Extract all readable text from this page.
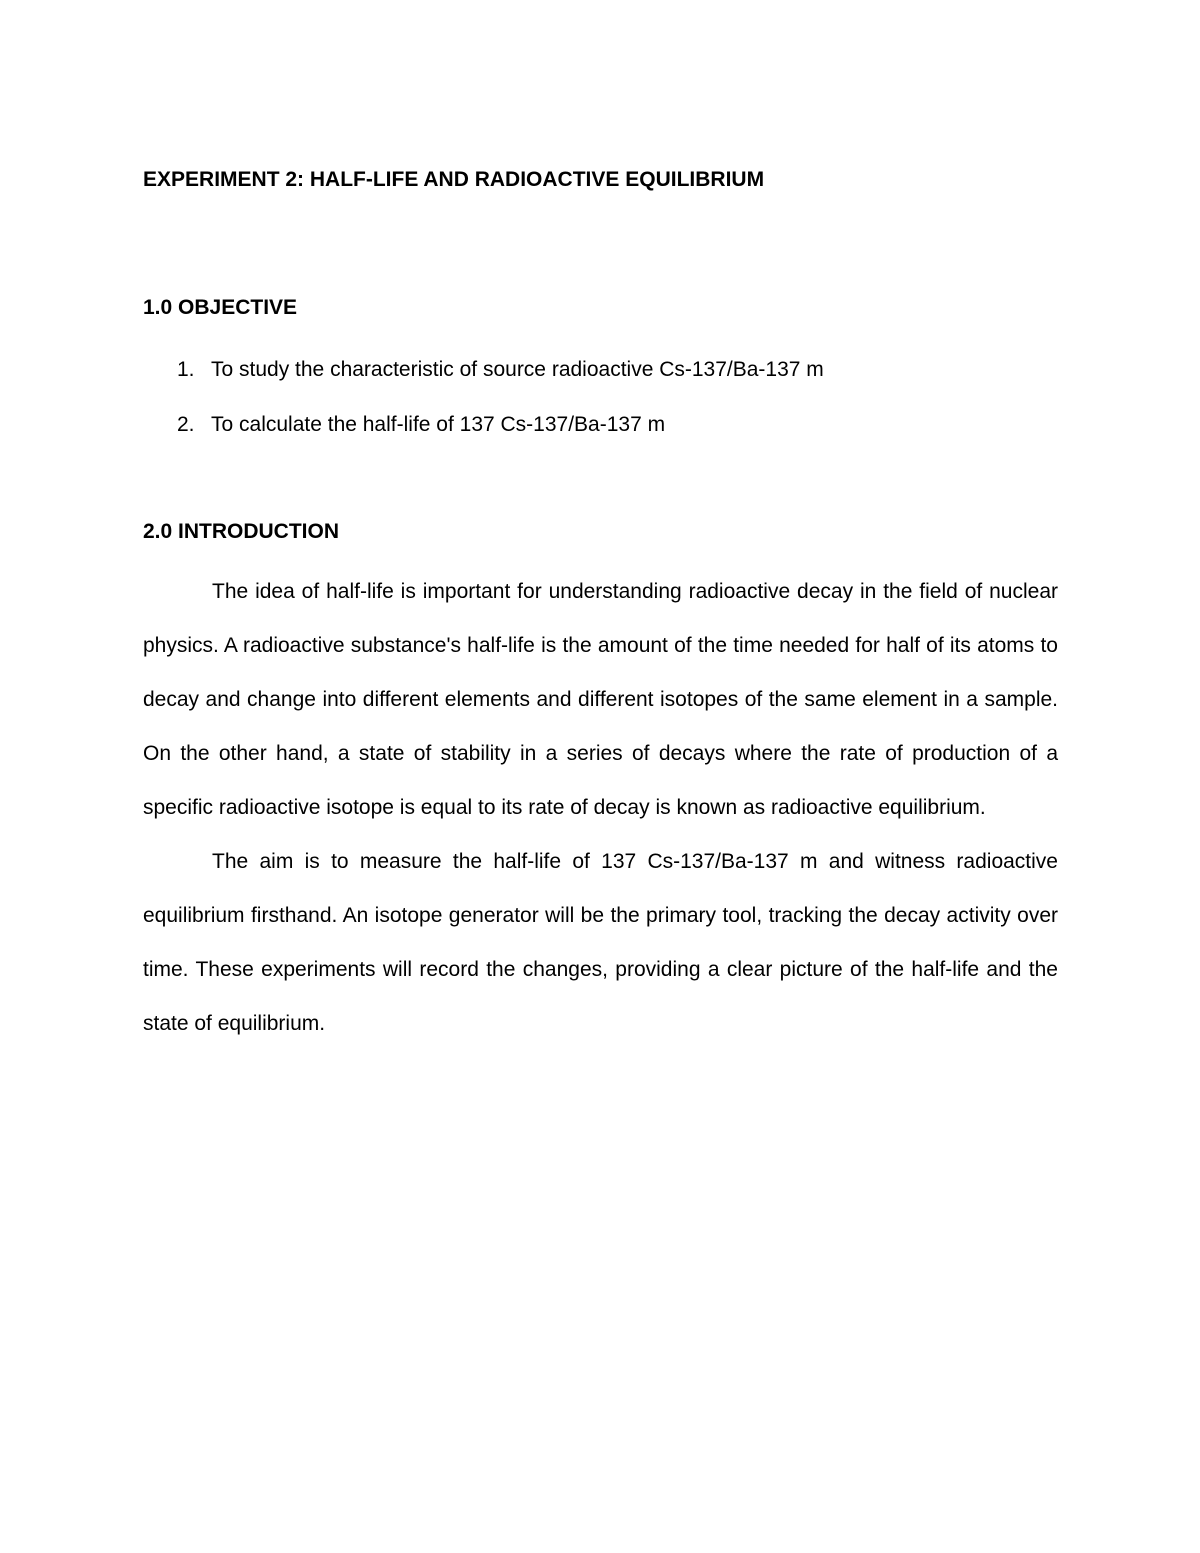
EXPERIMENT 2: HALF-LIFE AND RADIOACTIVE EQUILIBRIUM
1.0 OBJECTIVE
1. To study the characteristic of source radioactive Cs-137/Ba-137 m
2. To calculate the half-life of 137 Cs-137/Ba-137 m
2.0 INTRODUCTION

The idea of half-life is important for understanding radioactive decay in the field of nuclear physics. A radioactive substance's half-life is the amount of the time needed for half of its atoms to decay and change into different elements and different isotopes of the same element in a sample. On the other hand, a state of stability in a series of decays where the rate of production of a specific radioactive isotope is equal to its rate of decay is known as radioactive equilibrium.

The aim is to measure the half-life of 137 Cs-137/Ba-137 m and witness radioactive equilibrium firsthand. An isotope generator will be the primary tool, tracking the decay activity over time. These experiments will record the changes, providing a clear picture of the half-life and the state of equilibrium.
